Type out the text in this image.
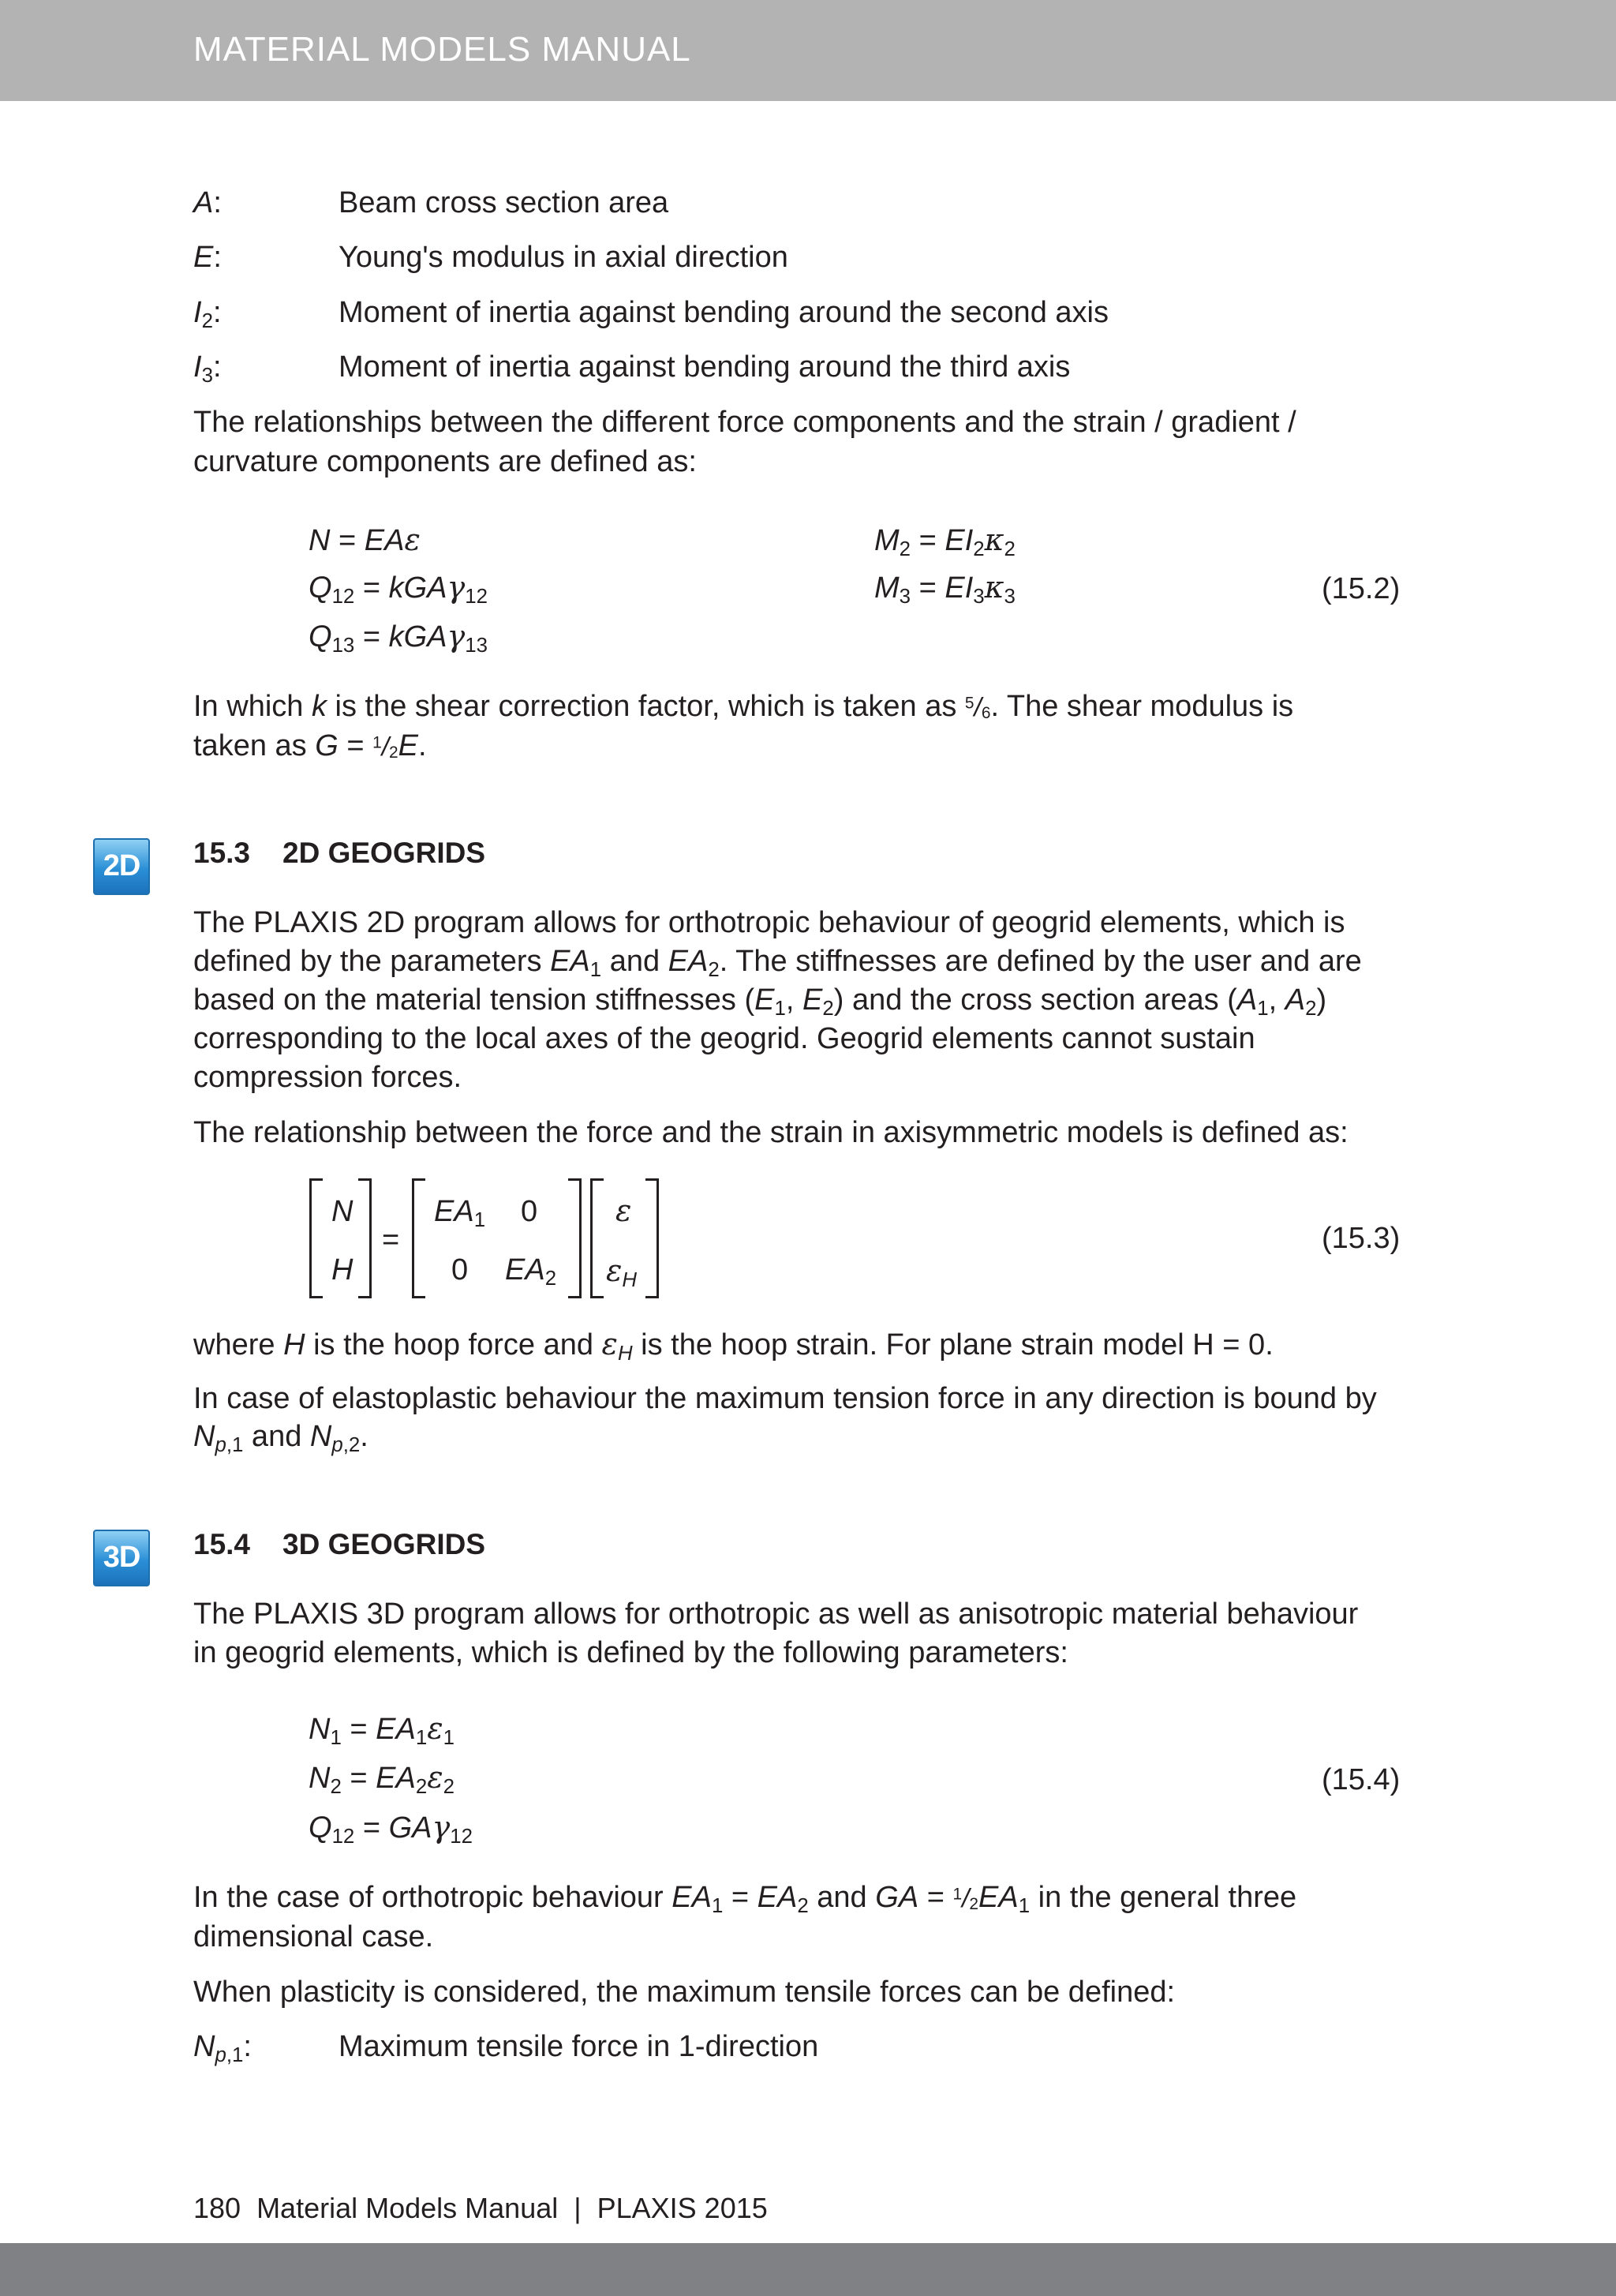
MATERIAL MODELS MANUAL
A:	Beam cross section area
E:	Young's modulus in axial direction
$I_2$:	Moment of inertia against bending around the second axis
$I_3$:	Moment of inertia against bending around the third axis
The relationships between the different force components and the strain / gradient /
curvature components are defined as:
N = EAε
$Q_{12} = kGA\gamma_{12}$
$Q_{13} = kGA\gamma_{13}$
$M_2 = EI_2\kappa_2$
$M_3 = EI_3\kappa_3$	(15.2)
In which k is the shear correction factor, which is taken as 5/6. The shear modulus is
taken as G = 1/2E.
2D 15.3 2D GEOGRIDS
The PLAXIS 2D program allows for orthotropic behaviour of geogrid elements, which is
defined by the parameters $EA_1$ and $EA_2$. The stiffnesses are defined by the user and are
based on the material tension stiffnesses ($E_1$, $E_2$) and the cross section areas ($A_1$, $A_2$)
corresponding to the local axes of the geogrid. Geogrid elements cannot sustain
compression forces.
The relationship between the force and the strain in axisymmetric models is defined as:
N
H
=
$EA_1$ 0
0 $EA_2$
ε
$\varepsilon_H$
(15.3)
where H is the hoop force and $\varepsilon_H$ is the hoop strain. For plane strain model H = 0.
In case of elastoplastic behaviour the maximum tension force in any direction is bound by
$N_{p,1}$ and $N_{p,2}$.
3D 15.4 3D GEOGRIDS
The PLAXIS 3D program allows for orthotropic as well as anisotropic material behaviour
in geogrid elements, which is defined by the following parameters:
$N_1 = EA_1\varepsilon_1$
$N_2 = EA_2\varepsilon_2$
$Q_{12} = GA\gamma_{12}$
(15.4)
In the case of orthotropic behaviour $EA_1 = EA_2$ and GA = $1/2EA_1$ in the general three
dimensional case.
When plasticity is considered, the maximum tensile forces can be defined:
$N_{p,1}$:	Maximum tensile force in 1-direction
180  Material Models Manual  |  PLAXIS 2015
